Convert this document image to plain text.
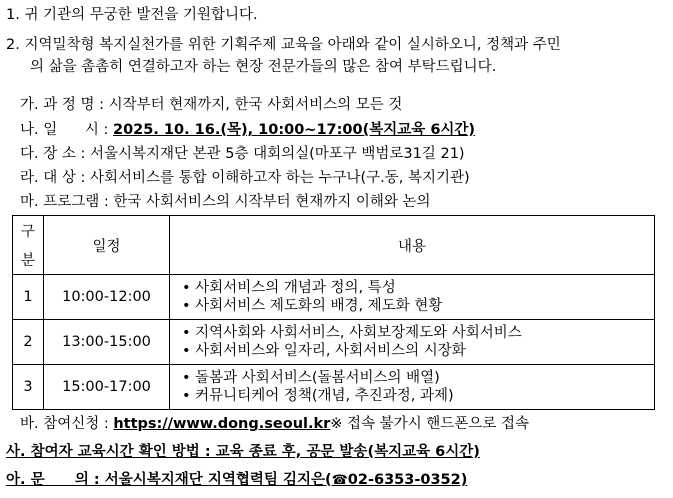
1. 귀 기관의 무궁한 발전을 기원합니다.
2. 지역밀착형 복지실천가를 위한 기획주제 교육을 아래와 같이 실시하오니, 정책과 주민
의 삶을 촘촘히 연결하고자 하는 현장 전문가들의 많은 참여 부탁드립니다.
가. 과 정 명 : 시작부터 현재까지, 한국 사회서비스의 모든 것
나. 일      시 : 2025. 10. 16.(목), 10:00~17:00(복지교육 6시간)
다. 장 소 : 서울시복지재단 본관 5층 대회의실(마포구 백범로31길 21)
라. 대 상 : 사회서비스를 통합 이해하고자 하는 누구나(구.동, 복지기관)
마. 프로그램 : 한국 사회서비스의 시작부터 현재까지 이해와 논의
구
분	일정	내용
1	10:00-12:00	• 사회서비스의 개념과 정의, 특성
• 사회서비스 제도화의 배경, 제도화 현황

2	13:00-15:00	• 지역사회와 사회서비스, 사회보장제도와 사회서비스
• 사회서비스와 일자리, 사회서비스의 시장화

3	15:00-17:00	• 돌봄과 사회서비스(돌봄서비스의 배열)
• 커뮤니티케어 정책(개념, 추진과정, 과제)
바. 참여신청 : https://www.dong.seoul.kr※ 접속 불가시 핸드폰으로 접속
사. 참여자 교육시간 확인 방법 : 교육 종료 후, 공문 발송(복지교육 6시간)
아. 문      의 : 서울시복지재단 지역협력팀 김지은(☎02-6353-0352)
